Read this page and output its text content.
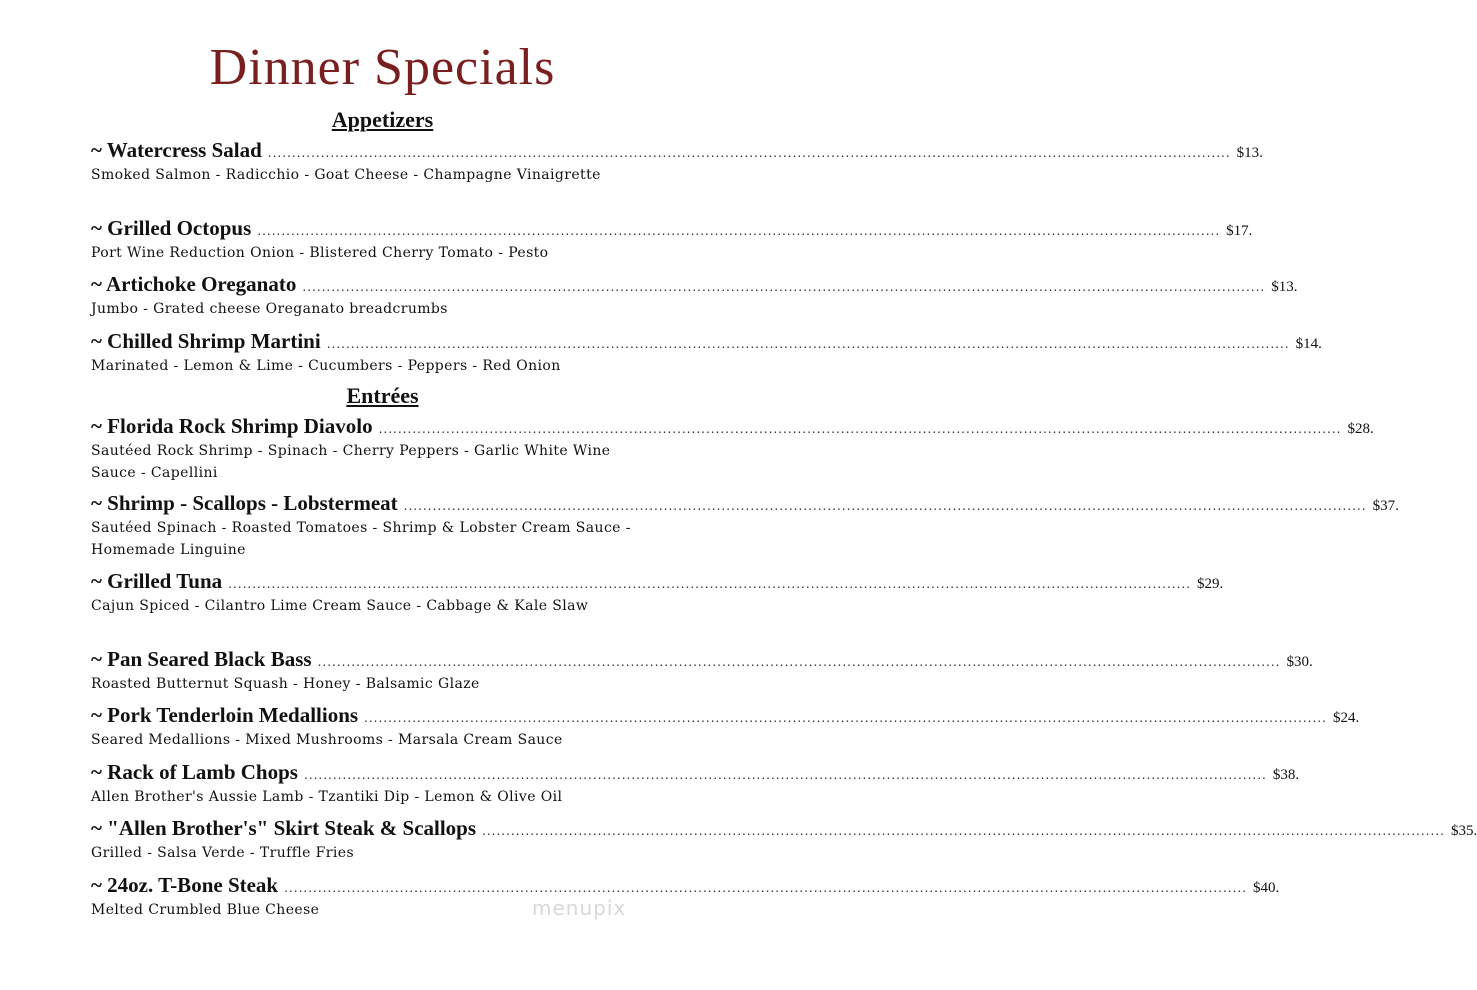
Dinner Specials
Appetizers
~ Watercress Salad ........................................................................................................................................................................................................ $13.
Smoked Salmon - Radicchio - Goat Cheese - Champagne Vinaigrette
~ Grilled Octopus ........................................................................................................................................................................................................ $17.
Port Wine Reduction Onion - Blistered Cherry Tomato - Pesto
~ Artichoke Oreganato ........................................................................................................................................................................................................ $13.
Jumbo - Grated cheese Oreganato breadcrumbs
~ Chilled Shrimp Martini ........................................................................................................................................................................................................ $14.
Marinated - Lemon & Lime - Cucumbers - Peppers - Red Onion
Entrées
~ Florida Rock Shrimp Diavolo ........................................................................................................................................................................................................ $28.
Sautéed Rock Shrimp - Spinach - Cherry Peppers - Garlic White Wine Sauce - Capellini
~ Shrimp - Scallops - Lobstermeat ........................................................................................................................................................................................................ $37.
Sautéed Spinach - Roasted Tomatoes - Shrimp & Lobster Cream Sauce - Homemade Linguine
~ Grilled Tuna ........................................................................................................................................................................................................ $29.
Cajun Spiced - Cilantro Lime Cream Sauce - Cabbage & Kale Slaw
~ Pan Seared Black Bass ........................................................................................................................................................................................................ $30.
Roasted Butternut Squash - Honey - Balsamic Glaze
~ Pork Tenderloin Medallions ........................................................................................................................................................................................................ $24.
Seared Medallions - Mixed Mushrooms - Marsala Cream Sauce
~ Rack of Lamb Chops ........................................................................................................................................................................................................ $38.
Allen Brother's Aussie Lamb - Tzantiki Dip - Lemon & Olive Oil
~ "Allen Brother's" Skirt Steak & Scallops ........................................................................................................................................................................................................ $35.
Grilled - Salsa Verde - Truffle Fries
~ 24oz. T-Bone Steak ........................................................................................................................................................................................................ $40.
Melted Crumbled Blue Cheese	menupix
